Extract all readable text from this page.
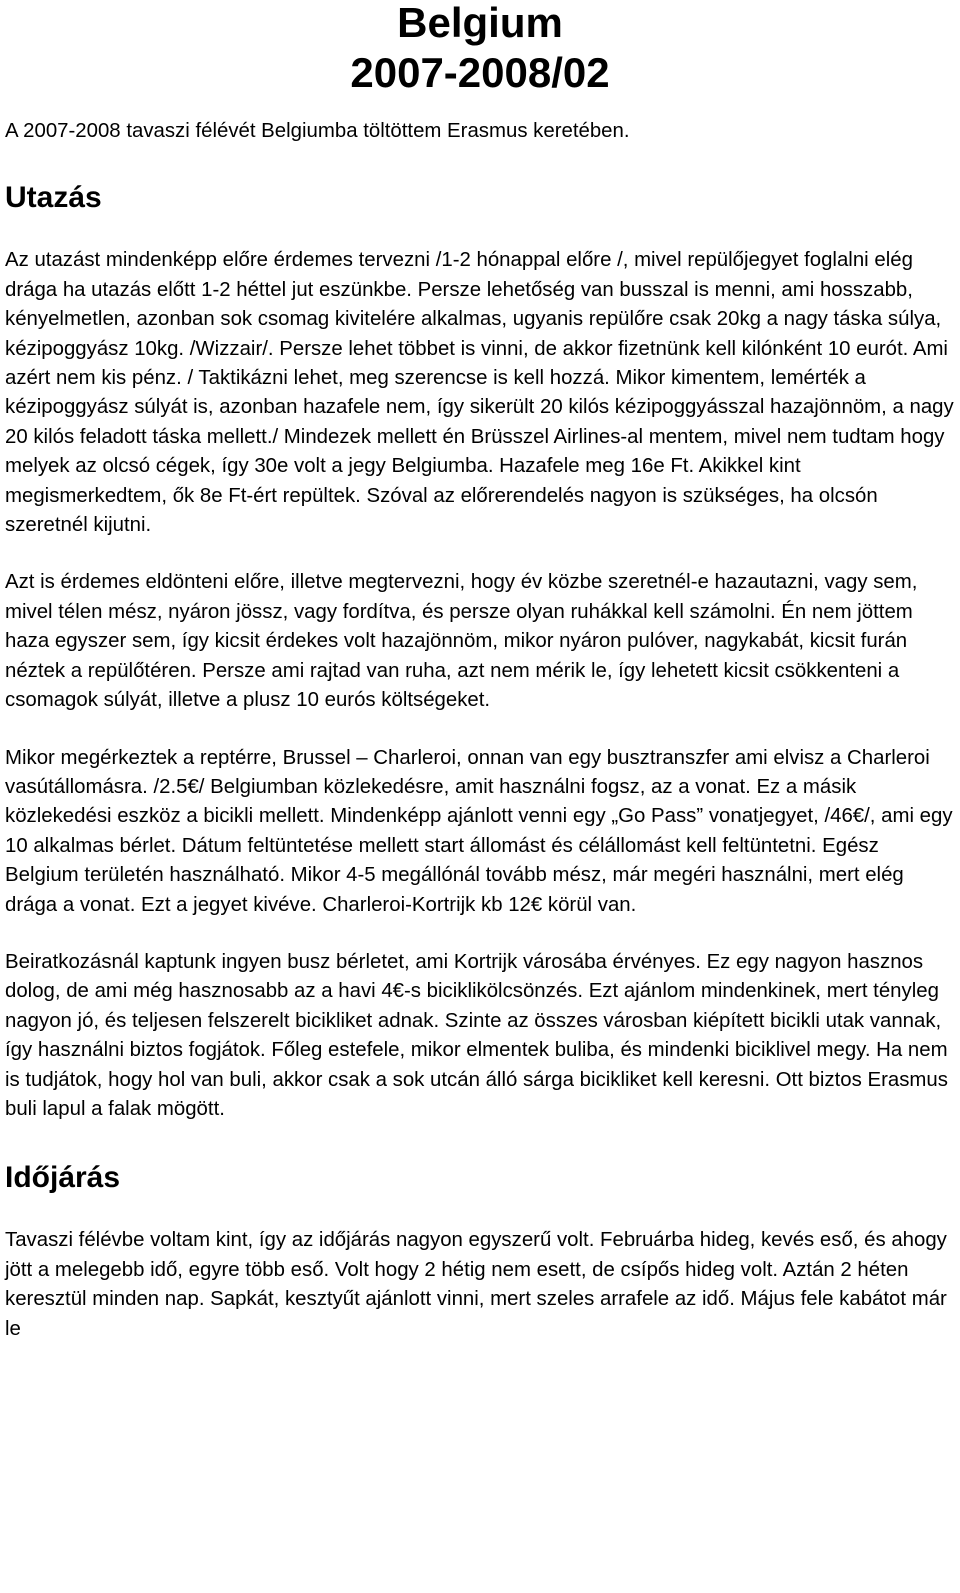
Belgium
2007-2008/02

A 2007-2008 tavaszi félévét Belgiumba töltöttem Erasmus keretében.

Utazás

Az utazást mindenképp előre érdemes tervezni /1-2 hónappal előre /, mivel repülőjegyet foglalni elég drága ha utazás előtt 1-2 héttel jut eszünkbe. Persze lehetőség van busszal is menni, ami hosszabb, kényelmetlen, azonban sok csomag kivitelére alkalmas, ugyanis repülőre csak 20kg a nagy táska súlya, kézipoggyász 10kg. /Wizzair/. Persze lehet többet is vinni, de akkor fizetnünk kell kilónként 10 eurót. Ami azért nem kis pénz. / Taktikázni lehet, meg szerencse is kell hozzá. Mikor kimentem, lemérték a kézipoggyász súlyát is, azonban hazafele nem, így sikerült 20 kilós kézipoggyásszal hazajönnöm, a nagy 20 kilós feladott táska mellett./ Mindezek mellett én Brüsszel Airlines-al mentem, mivel nem tudtam hogy melyek az olcsó cégek, így 30e volt a jegy Belgiumba. Hazafele meg 16e Ft. Akikkel kint megismerkedtem, ők 8e Ft-ért repültek. Szóval az előrerendelés nagyon is szükséges, ha olcsón szeretnél kijutni.

Azt is érdemes eldönteni előre, illetve megtervezni, hogy év közbe szeretnél-e hazautazni, vagy sem, mivel télen mész, nyáron jössz, vagy fordítva, és persze olyan ruhákkal kell számolni. Én nem jöttem haza egyszer sem, így kicsit érdekes volt hazajönnöm, mikor nyáron pulóver, nagykabát, kicsit furán néztek a repülőtéren. Persze ami rajtad van ruha, azt nem mérik le, így lehetett kicsit csökkenteni a csomagok súlyát, illetve a plusz 10 eurós költségeket.

Mikor megérkeztek a reptérre, Brussel – Charleroi, onnan van egy busztranszfer ami elvisz a Charleroi vasútállomásra. /2.5€/ Belgiumban közlekedésre, amit használni fogsz, az a vonat. Ez a másik közlekedési eszköz a bicikli mellett. Mindenképp ajánlott venni egy „Go Pass” vonatjegyet, /46€/, ami egy 10 alkalmas bérlet. Dátum feltüntetése mellett start állomást és célállomást kell feltüntetni. Egész Belgium területén használható. Mikor 4-5 megállónál tovább mész, már megéri használni, mert elég drága a vonat. Ezt a jegyet kivéve. Charleroi-Kortrijk kb 12€ körül van.

Beiratkozásnál kaptunk ingyen busz bérletet, ami Kortrijk városába érvényes. Ez egy nagyon hasznos dolog, de ami még hasznosabb az a havi 4€-s biciklikölcsönzés. Ezt ajánlom mindenkinek, mert tényleg nagyon jó, és teljesen felszerelt bicikliket adnak. Szinte az összes városban kiépített bicikli utak vannak, így használni biztos fogjátok. Főleg estefele, mikor elmentek buliba, és mindenki biciklivel megy. Ha nem is tudjátok, hogy hol van buli, akkor csak a sok utcán álló sárga bicikliket kell keresni. Ott biztos Erasmus buli lapul a falak mögött.

Időjárás

Tavaszi félévbe voltam kint, így az időjárás nagyon egyszerű volt. Februárba hideg, kevés eső, és ahogy jött a melegebb idő, egyre több eső. Volt hogy 2 hétig nem esett, de csípős hideg volt. Aztán 2 héten keresztül minden nap. Sapkát, kesztyűt ajánlott vinni, mert szeles arrafele az idő. Május fele kabátot már le
